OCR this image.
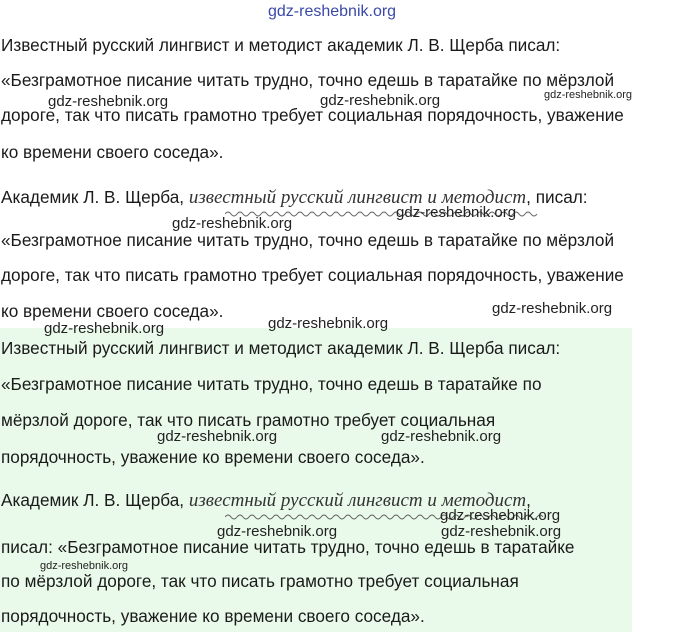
Известный русский лингвист и методист академик Л. В. Щерба писал:
«Безграмотное писание читать трудно, точно едешь в таратайке по мёрзлой
дороге, так что писать грамотно требует социальная порядочность, уважение
ко времени своего соседа».
Академик Л. В. Щерба, известный русский лингвист и методист, писал:
«Безграмотное писание читать трудно, точно едешь в таратайке по мёрзлой
дороге, так что писать грамотно требует социальная порядочность, уважение
ко времени своего соседа».
Известный русский лингвист и методист академик Л. В. Щерба писал:
«Безграмотное писание читать трудно, точно едешь в таратайке по
мёрзлой дороге, так что писать грамотно требует социальная
порядочность, уважение ко времени своего соседа».
Академик Л. В. Щерба, известный русский лингвист и методист,
писал: «Безграмотное писание читать трудно, точно едешь в таратайке
по мёрзлой дороге, так что писать грамотно требует социальная
порядочность, уважение ко времени своего соседа».
gdz-reshebnik.org
gdz-reshebnik.org	gdz-reshebnik.org	gdz-reshebnik.org
gdz-reshebnik.org
gdz-reshebnik.org
gdz-reshebnik.org
gdz-reshebnik.org	gdz-reshebnik.org
gdz-reshebnik.org	gdz-reshebnik.org
gdz-reshebnik.org
gdz-reshebnik.org	gdz-reshebnik.org
gdz-reshebnik.org
